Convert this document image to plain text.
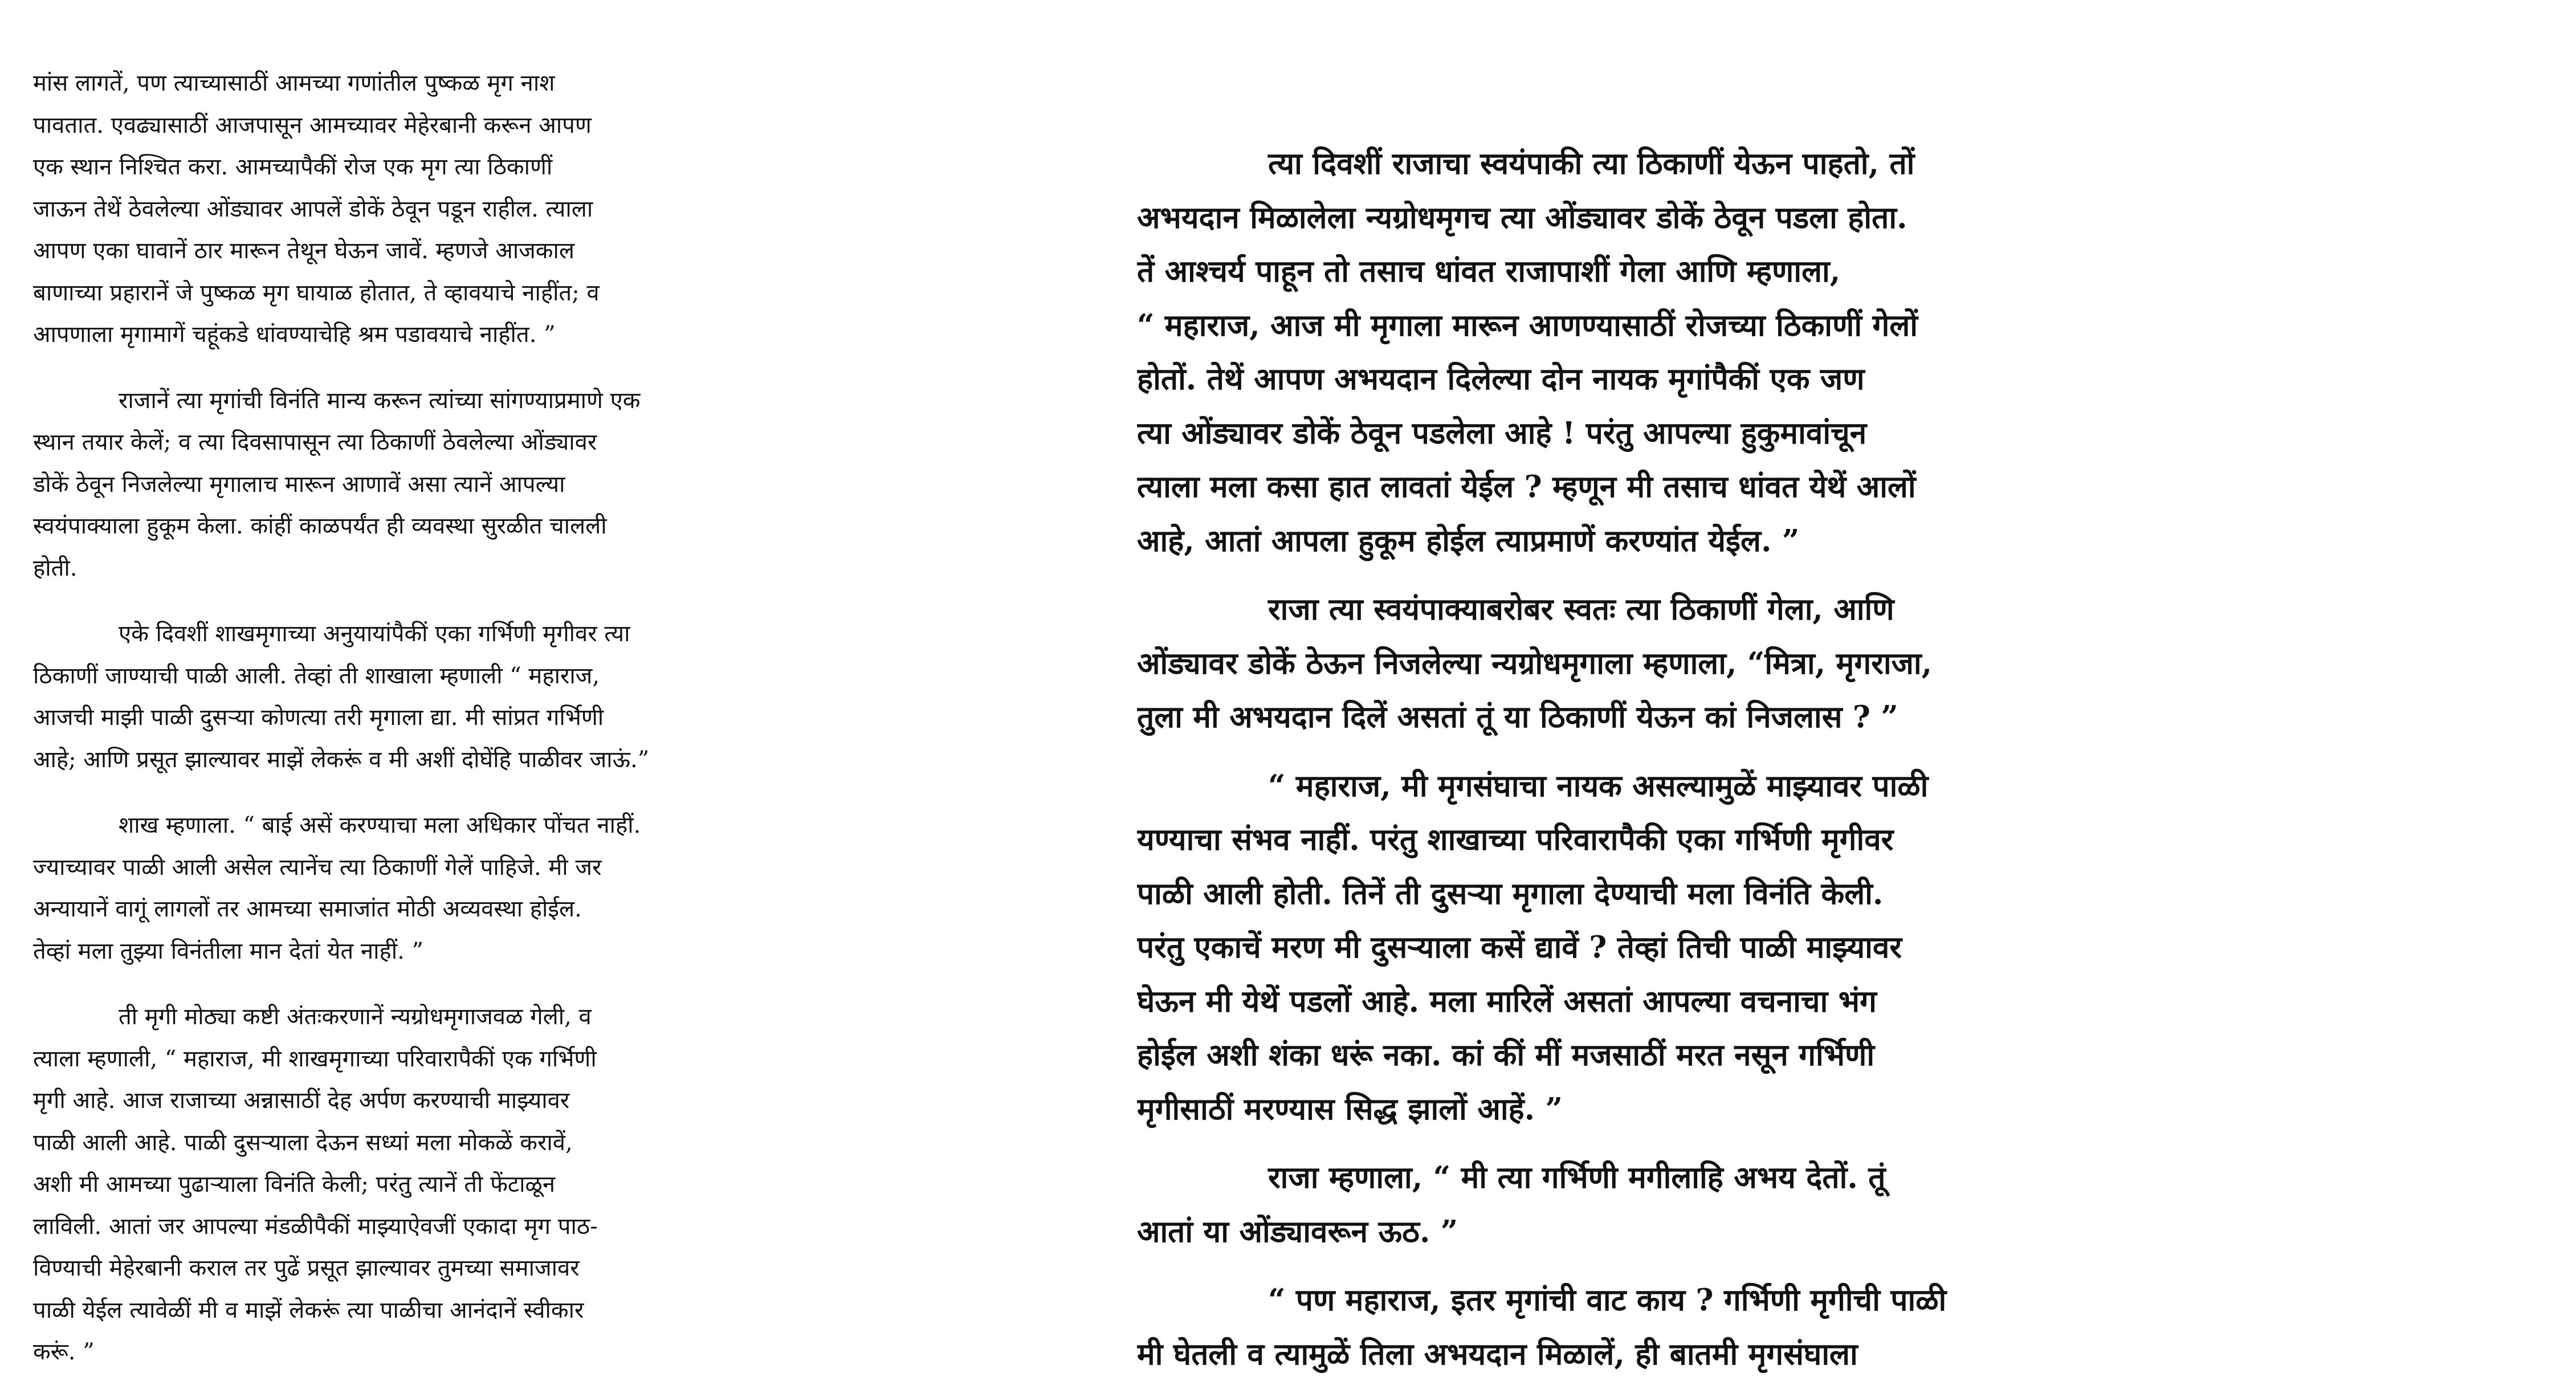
मांस लागतें, पण त्याच्यासाठीं आमच्या गणांतील पुष्कळ मृग नाश
पावतात. एवढ्यासाठीं आजपासून आमच्यावर मेहेरबानी करून आपण
एक स्थान निश्चित करा. आमच्यापैकीं रोज एक मृग त्या ठिकाणीं
जाऊन तेथें ठेवलेल्या ओंड्यावर आपलें डोकें ठेवून पडून राहील. त्याला
आपण एका घावानें ठार मारून तेथून घेऊन जावें. म्हणजे आजकाल
बाणाच्या प्रहारानें जे पुष्कळ मृग घायाळ होतात, ते व्हावयाचे नाहींत; व
आपणाला मृगामागें चहूंकडे धांवण्याचेहि श्रम पडावयाचे नाहींत. ”
राजानें त्या मृगांची विनंति मान्य करून त्यांच्या सांगण्याप्रमाणे एक
स्थान तयार केलें; व त्या दिवसापासून त्या ठिकाणीं ठेवलेल्या ओंड्यावर
डोकें ठेवून निजलेल्या मृगालाच मारून आणावें असा त्यानें आपल्या
स्वयंपाक्याला हुकूम केला. कांहीं काळपर्यंत ही व्यवस्था सुरळीत चालली
होती.
एके दिवशीं शाखमृगाच्या अनुयायांपैकीं एका गर्भिणी मृगीवर त्या
ठिकाणीं जाण्याची पाळी आली. तेव्हां ती शाखाला म्हणाली “ महाराज,
आजची माझी पाळी दुसऱ्या कोणत्या तरी मृगाला द्या. मी सांप्रत गर्भिणी
आहे; आणि प्रसूत झाल्यावर माझें लेकरूं व मी अशीं दोघेंहि पाळीवर जाऊं.”
शाख म्हणाला. “ बाई असें करण्याचा मला अधिकार पोंचत नाहीं.
ज्याच्यावर पाळी आली असेल त्यानेंच त्या ठिकाणीं गेलें पाहिजे. मी जर
अन्यायानें वागूं लागलों तर आमच्या समाजांत मोठी अव्यवस्था होईल.
तेव्हां मला तुझ्या विनंतीला मान देतां येत नाहीं. ”
ती मृगी मोठ्या कष्टी अंतःकरणानें न्यग्रोधमृगाजवळ गेली, व
त्याला म्हणाली, “ महाराज, मी शाखमृगाच्या परिवारापैकीं एक गर्भिणी
मृगी आहे. आज राजाच्या अन्नासाठीं देह अर्पण करण्याची माझ्यावर
पाळी आली आहे. पाळी दुसऱ्याला देऊन सध्यां मला मोकळें करावें,
अशी मी आमच्या पुढाऱ्याला विनंति केली; परंतु त्यानें ती फेंटाळून
लाविली. आतां जर आपल्या मंडळीपैकीं माझ्याऐवजीं एकादा मृग पाठ-
विण्याची मेहेरबानी कराल तर पुढें प्रसूत झाल्यावर तुमच्या समाजावर
पाळी येईल त्यावेळीं मी व माझें लेकरूं त्या पाळीचा आनंदानें स्वीकार
करूं. ”
त्या दिवशीं राजाचा स्वयंपाकी त्या ठिकाणीं येऊन पाहतो, तों
अभयदान मिळालेला न्यग्रोधमृगच त्या ओंड्यावर डोकें ठेवून पडला होता.
तें आश्चर्य पाहून तो तसाच धांवत राजापाशीं गेला आणि म्हणाला,
“ महाराज, आज मी मृगाला मारून आणण्यासाठीं रोजच्या ठिकाणीं गेलों
होतों. तेथें आपण अभयदान दिलेल्या दोन नायक मृगांपैकीं एक जण
त्या ओंड्यावर डोकें ठेवून पडलेला आहे ! परंतु आपल्या हुकुमावांचून
त्याला मला कसा हात लावतां येईल ? म्हणून मी तसाच धांवत येथें आलों
आहे, आतां आपला हुकूम होईल त्याप्रमाणें करण्यांत येईल. ”
राजा त्या स्वयंपाक्याबरोबर स्वतः त्या ठिकाणीं गेला, आणि
ओंड्यावर डोकें ठेऊन निजलेल्या न्यग्रोधमृगाला म्हणाला, “मित्रा, मृगराजा,
तुला मी अभयदान दिलें असतां तूं या ठिकाणीं येऊन कां निजलास ? ”
“ महाराज, मी मृगसंघाचा नायक असल्यामुळें माझ्यावर पाळी
यण्याचा संभव नाहीं. परंतु शाखाच्या परिवारापैकी एका गर्भिणी मृगीवर
पाळी आली होती. तिनें ती दुसऱ्या मृगाला देण्याची मला विनंति केली.
परंतु एकाचें मरण मी दुसऱ्याला कसें द्यावें ? तेव्हां तिची पाळी माझ्यावर
घेऊन मी येथें पडलों आहे. मला मारिलें असतां आपल्या वचनाचा भंग
होईल अशी शंका धरूं नका. कां कीं मीं मजसाठीं मरत नसून गर्भिणी
मृगीसाठीं मरण्यास सिद्ध झालों आहें. ”
राजा म्हणाला, “ मी त्या गर्भिणी मगीलाहि अभय देतों. तूं
आतां या ओंड्यावरून ऊठ. ”
“ पण महाराज, इतर मृगांची वाट काय ? गर्भिणी मृगीची पाळी
मी घेतली व त्यामुळें तिला अभयदान मिळालें, ही बातमी मृगसंघाला
